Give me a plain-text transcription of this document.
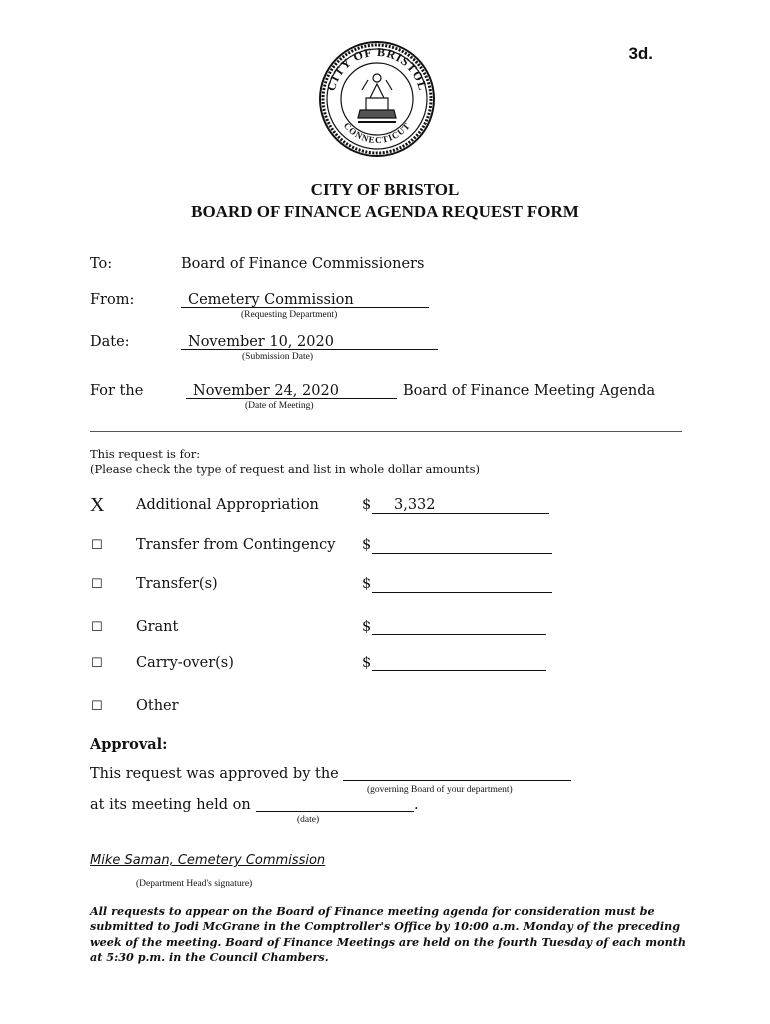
3d.
CITY OF BRISTOL
CONNECTICUT
CITY OF BRISTOL
BOARD OF FINANCE AGENDA REQUEST FORM
To:	Board of Finance Commissioners
From:	Cemetery Commission
(Requesting Department)
Date:	November 10, 2020
(Submission Date)
For the	November 24, 2020	Board of Finance Meeting Agenda
(Date of Meeting)
This request is for:
(Please check the type of request and list in whole dollar amounts)
X Additional Appropriation	$ 3,332
☐ Transfer from Contingency $
☐ Transfer(s)	$
☐ Grant	$
☐ Carry-over(s)	$
☐ Other
Approval:
This request was approved by the
(governing Board of your department)
at its meeting held on	.
(date)
Mike Saman, Cemetery Commission
(Department Head's signature)
All requests to appear on the Board of Finance meeting agenda for consideration must be submitted to Jodi McGrane in the Comptroller's Office by 10:00 a.m. Monday of the preceding week of the meeting. Board of Finance Meetings are held on the fourth Tuesday of each month at 5:30 p.m. in the Council Chambers.
